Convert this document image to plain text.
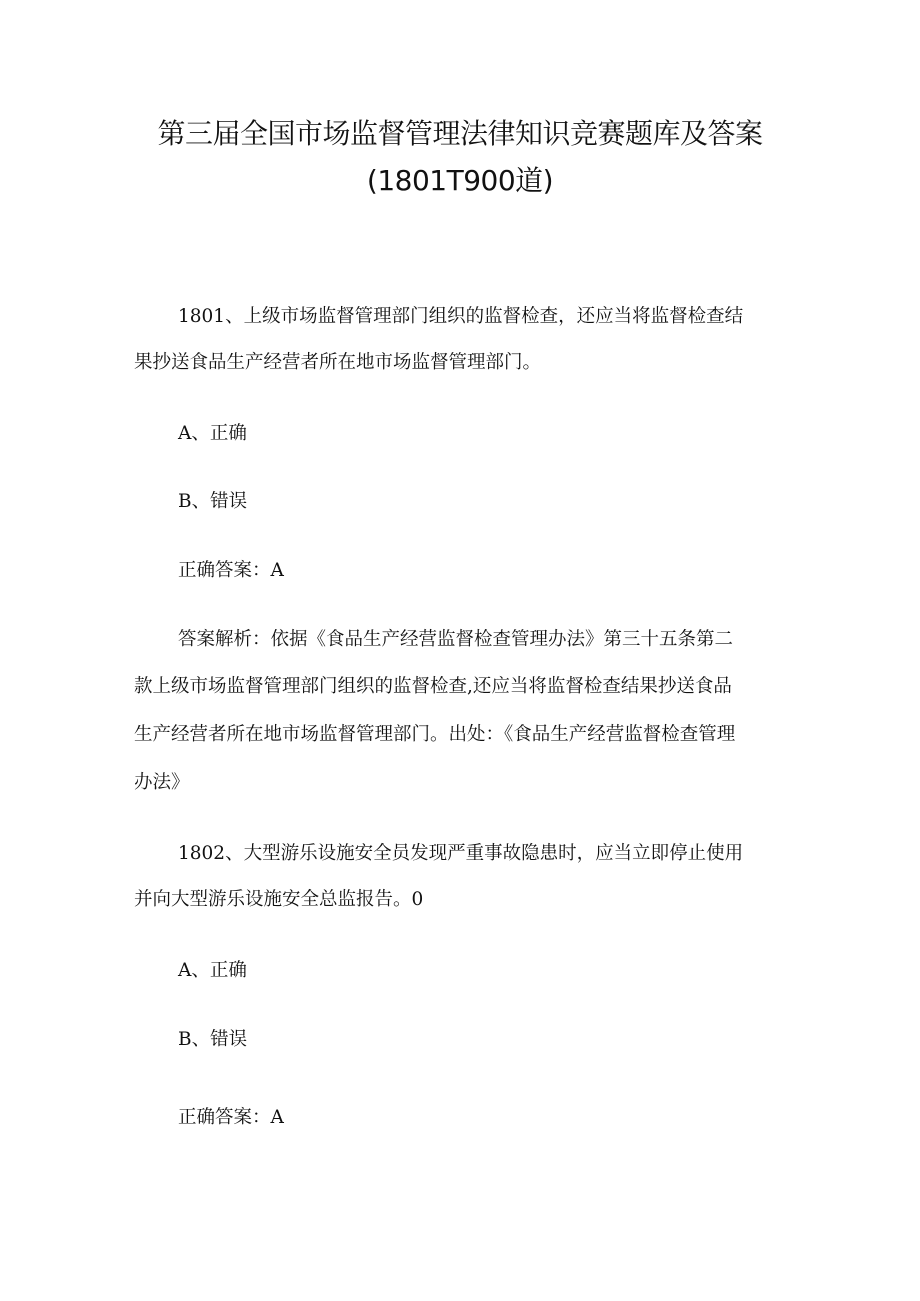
第三届全国市场监督管理法律知识竞赛题库及答案
(1801T900道)

1801、上级市场监督管理部门组织的监督检查，还应当将监督检查结

果抄送食品生产经营者所在地市场监督管理部门。

A、正确

B、错误

正确答案：A

答案解析：依据《食品生产经营监督检查管理办法》第三十五条第二

款上级市场监督管理部门组织的监督检查,还应当将监督检查结果抄送食品

生产经营者所在地市场监督管理部门。出处：《食品生产经营监督检查管理

办法》

1802、大型游乐设施安全员发现严重事故隐患时，应当立即停止使用

并向大型游乐设施安全总监报告。0

A、正确

B、错误

正确答案：A
